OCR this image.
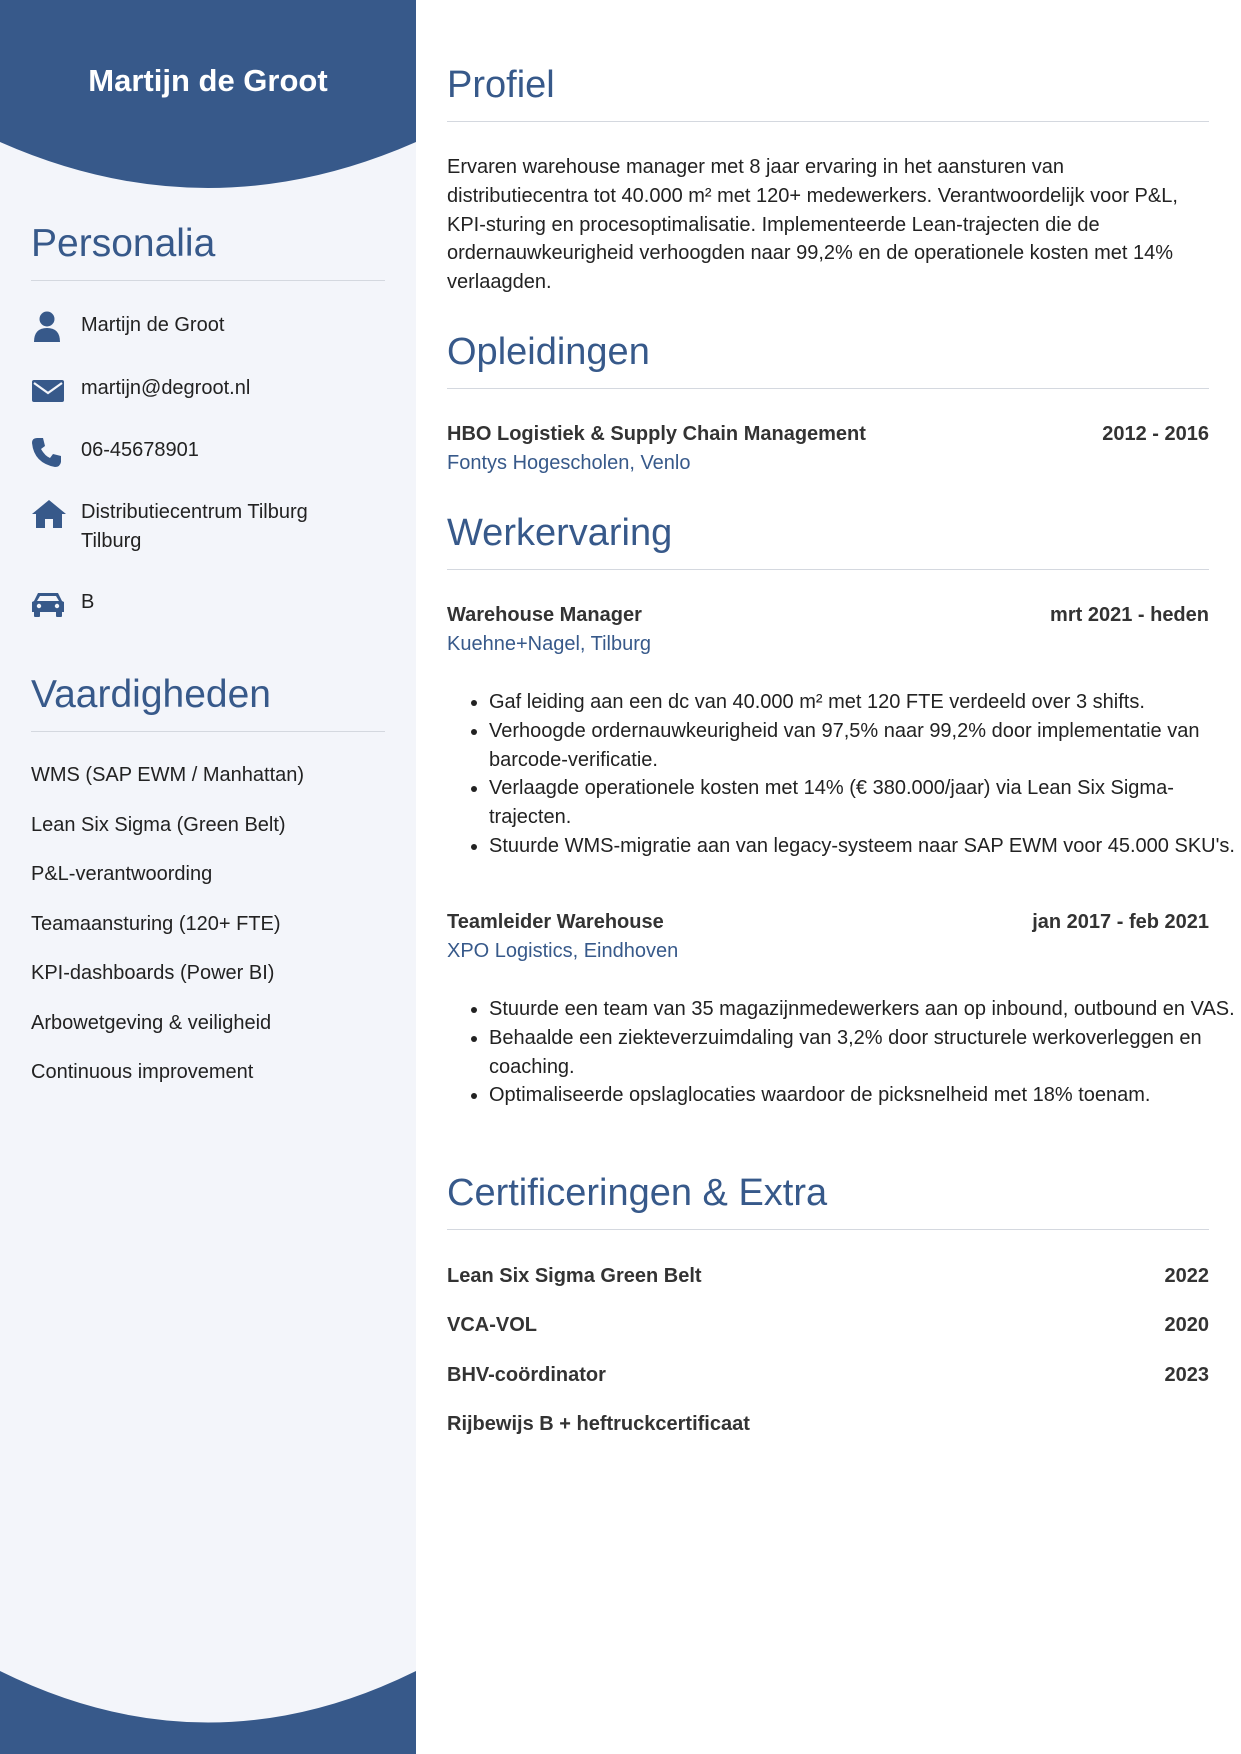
Martijn de Groot
Personalia
Martijn de Groot
martijn@degroot.nl
06-45678901
Distributiecentrum Tilburg
Tilburg
B
Vaardigheden
WMS (SAP EWM / Manhattan)
Lean Six Sigma (Green Belt)
P&L-verantwoording
Teamaansturing (120+ FTE)
KPI-dashboards (Power BI)
Arbowetgeving & veiligheid
Continuous improvement
Profiel
Ervaren warehouse manager met 8 jaar ervaring in het aansturen van distributiecentra tot 40.000 m² met 120+ medewerkers. Verantwoordelijk voor P&L, KPI-sturing en procesoptimalisatie. Implementeerde Lean-trajecten die de ordernauwkeurigheid verhoogden naar 99,2% en de operationele kosten met 14% verlaagden.
Opleidingen
HBO Logistiek & Supply Chain Management	2012 - 2016
Fontys Hogescholen, Venlo
Werkervaring
Warehouse Manager	mrt 2021 - heden
Kuehne+Nagel, Tilburg
• Gaf leiding aan een dc van 40.000 m² met 120 FTE verdeeld over 3 shifts.
• Verhoogde ordernauwkeurigheid van 97,5% naar 99,2% door implementatie van barcode-verificatie.
• Verlaagde operationele kosten met 14% (€ 380.000/jaar) via Lean Six Sigma-trajecten.
• Stuurde WMS-migratie aan van legacy-systeem naar SAP EWM voor 45.000 SKU's.
Teamleider Warehouse	jan 2017 - feb 2021
XPO Logistics, Eindhoven
• Stuurde een team van 35 magazijnmedewerkers aan op inbound, outbound en VAS.
• Behaalde een ziekteverzuimdaling van 3,2% door structurele werkoverleggen en coaching.
• Optimaliseerde opslaglocaties waardoor de picksnelheid met 18% toenam.
Certificeringen & Extra
Lean Six Sigma Green Belt	2022
VCA-VOL	2020
BHV-coördinator	2023
Rijbewijs B + heftruckcertificaat
